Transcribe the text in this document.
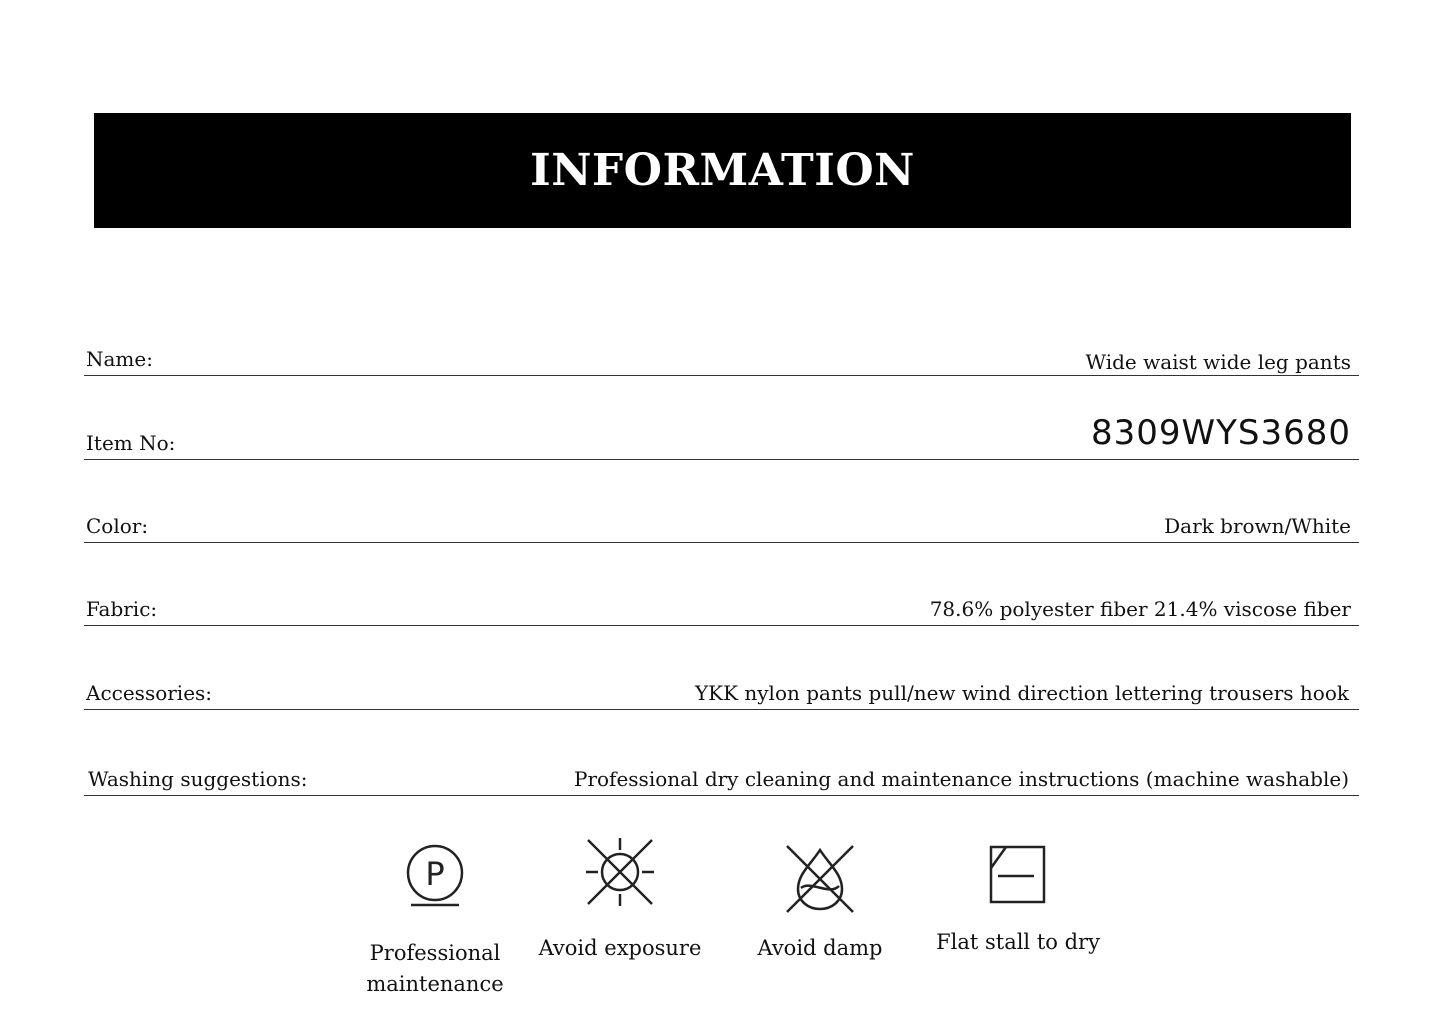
INFORMATION
Name:	Wide waist wide leg pants
Item No:	8309WYS3680
Color:	Dark brown/White
Fabric:	78.6% polyester fiber 21.4% viscose fiber
Accessories:	YKK nylon pants pull/new wind direction lettering trousers hook
Washing suggestions:	Professional dry cleaning and maintenance instructions (machine washable)
P
Professional
maintenance
Avoid exposure	Avoid damp	Flat stall to dry
